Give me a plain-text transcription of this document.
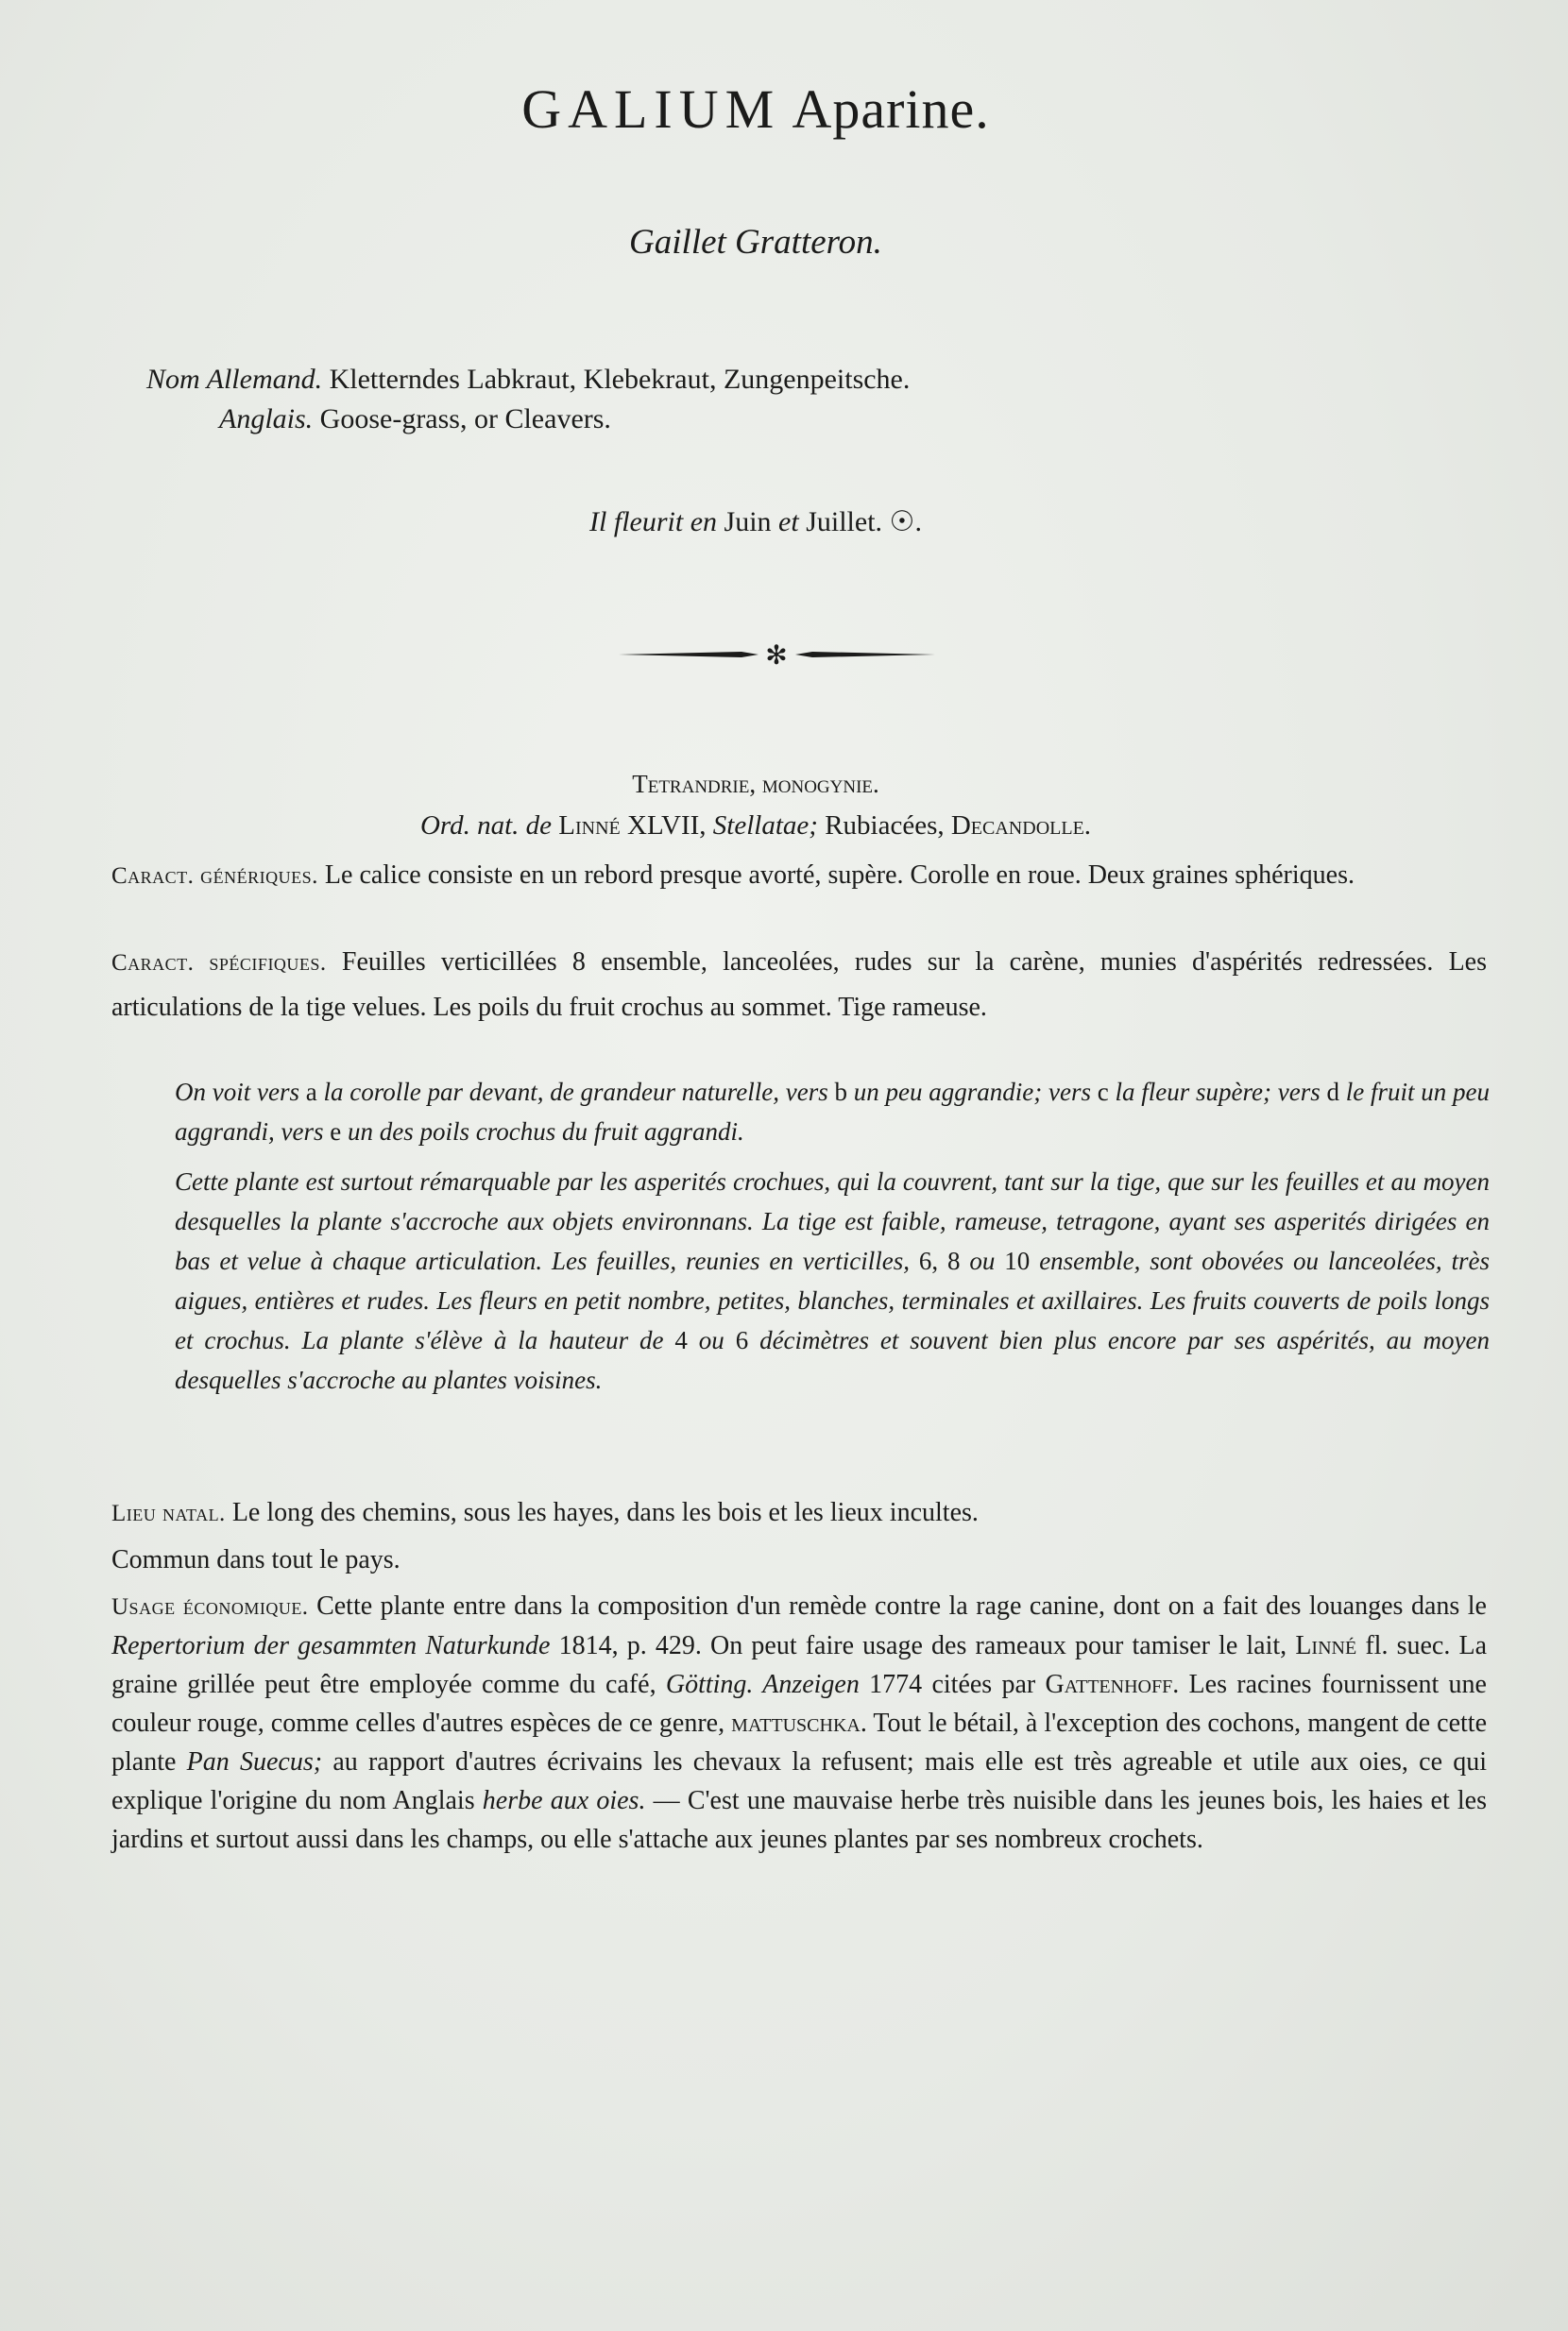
GALIUM Aparine.
Gaillet Gratteron.
Nom Allemand. Kletterndes Labkraut, Klebekraut, Zungenpeitsche.
Anglais. Goose-grass, or Cleavers.
Il fleurit en Juin et Juillet. ☉.
✻
Tetrandrie, monogynie.
Ord. nat. de Linné XLVII, Stellatae; Rubiacées, Decandolle.
Caract. génériques. Le calice consiste en un rebord presque avorté, supère. Corolle en roue. Deux graines sphériques.
Caract. spécifiques. Feuilles verticillées 8 ensemble, lanceolées, rudes sur la carène, munies d'aspérités redressées. Les articulations de la tige velues. Les poils du fruit crochus au sommet. Tige rameuse.
On voit vers a la corolle par devant, de grandeur naturelle, vers b un peu aggrandie; vers c la fleur supère; vers d le fruit un peu aggrandi, vers e un des poils crochus du fruit aggrandi.
Cette plante est surtout rémarquable par les asperités crochues, qui la couvrent, tant sur la tige, que sur les feuilles et au moyen desquelles la plante s'accroche aux objets environnans. La tige est faible, rameuse, tetragone, ayant ses asperités dirigées en bas et velue à chaque articulation. Les feuilles, reunies en verticilles, 6, 8 ou 10 ensemble, sont obovées ou lanceolées, très aigues, entières et rudes. Les fleurs en petit nombre, petites, blanches, terminales et axillaires. Les fruits couverts de poils longs et crochus. La plante s'élève à la hauteur de 4 ou 6 décimètres et souvent bien plus encore par ses aspérités, au moyen desquelles s'accroche au plantes voisines.
Lieu natal. Le long des chemins, sous les hayes, dans les bois et les lieux incultes.
Commun dans tout le pays.
Usage économique. Cette plante entre dans la composition d'un remède contre la rage canine, dont on a fait des louanges dans le Repertorium der gesammten Naturkunde 1814, p. 429. On peut faire usage des rameaux pour tamiser le lait, Linné fl. suec. La graine grillée peut être employée comme du café, Götting. Anzeigen 1774 citées par Gattenhoff. Les racines fournissent une couleur rouge, comme celles d'autres espèces de ce genre, mattuschka. Tout le bétail, à l'exception des cochons, mangent de cette plante Pan Suecus; au rapport d'autres écrivains les chevaux la refusent; mais elle est très agreable et utile aux oies, ce qui explique l'origine du nom Anglais herbe aux oies. — C'est une mauvaise herbe très nuisible dans les jeunes bois, les haies et les jardins et surtout aussi dans les champs, ou elle s'attache aux jeunes plantes par ses nombreux crochets.
